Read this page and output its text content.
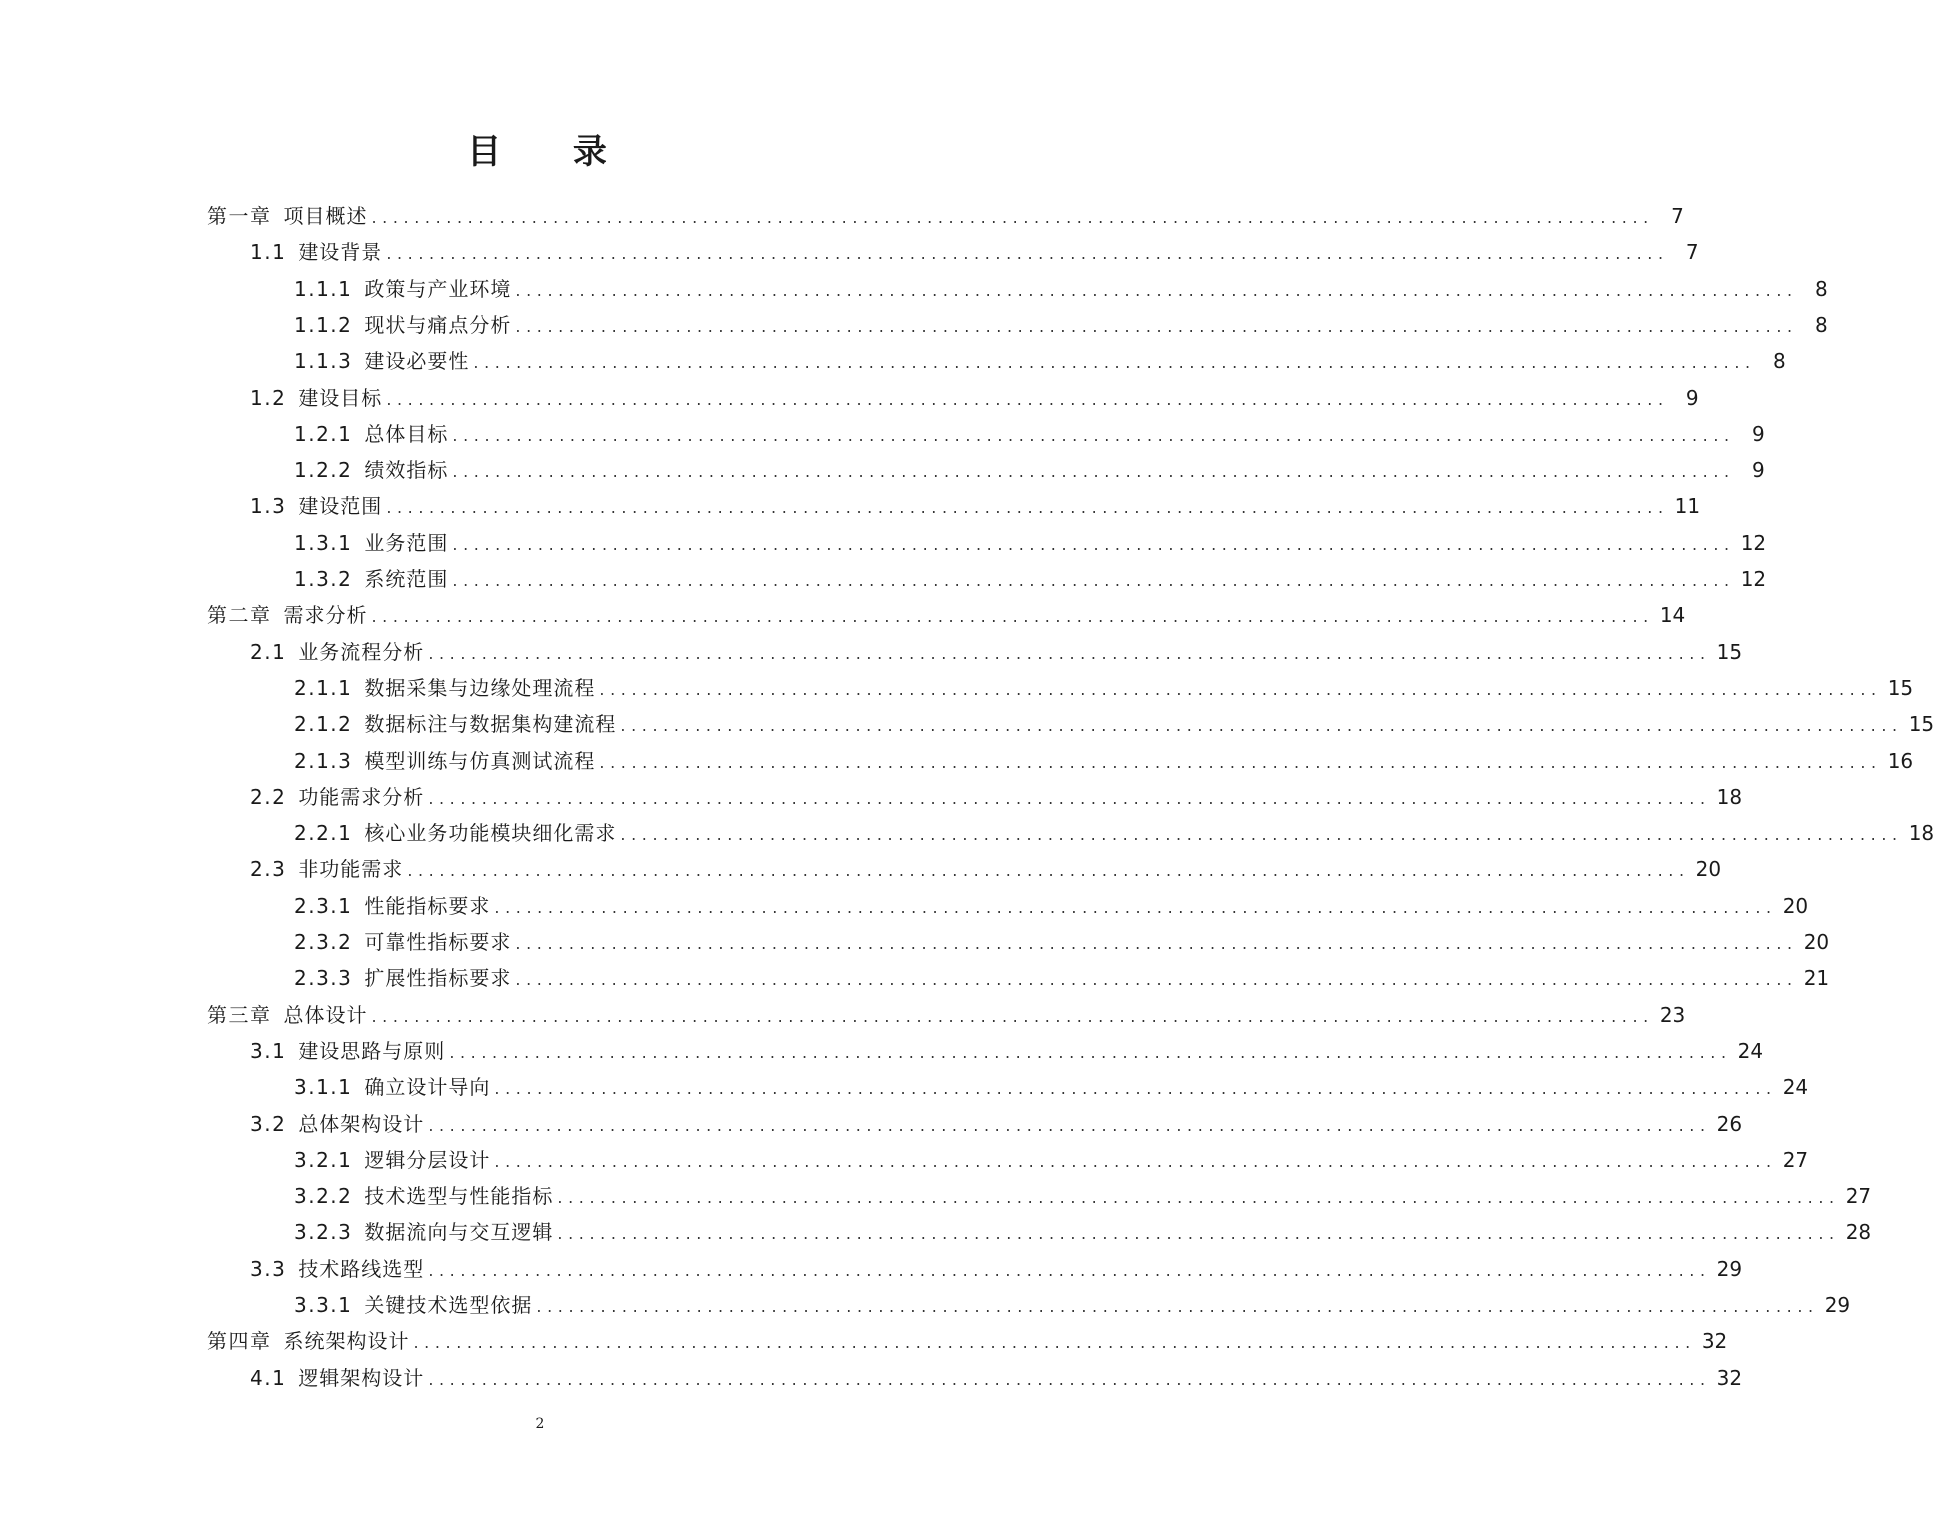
目 录
第一章 项目概述 ........................................................................................................................ 7
1.1 建设背景 ........................................................................................................................ 7
1.1.1 政策与产业环境 ........................................................................................................................ 8
1.1.2 现状与痛点分析 ........................................................................................................................ 8
1.1.3 建设必要性 ........................................................................................................................ 8
1.2 建设目标 ........................................................................................................................ 9
1.2.1 总体目标 ........................................................................................................................ 9
1.2.2 绩效指标 ........................................................................................................................ 9
1.3 建设范围 ........................................................................................................................ 11
1.3.1 业务范围 ........................................................................................................................ 12
1.3.2 系统范围 ........................................................................................................................ 12
第二章 需求分析 ........................................................................................................................ 14
2.1 业务流程分析 ........................................................................................................................ 15
2.1.1 数据采集与边缘处理流程 ........................................................................................................................ 15
2.1.2 数据标注与数据集构建流程 ........................................................................................................................ 15
2.1.3 模型训练与仿真测试流程 ........................................................................................................................ 16
2.2 功能需求分析 ........................................................................................................................ 18
2.2.1 核心业务功能模块细化需求 ........................................................................................................................ 18
2.3 非功能需求 ........................................................................................................................ 20
2.3.1 性能指标要求 ........................................................................................................................ 20
2.3.2 可靠性指标要求 ........................................................................................................................ 20
2.3.3 扩展性指标要求 ........................................................................................................................ 21
第三章 总体设计 ........................................................................................................................ 23
3.1 建设思路与原则 ........................................................................................................................ 24
3.1.1 确立设计导向 ........................................................................................................................ 24
3.2 总体架构设计 ........................................................................................................................ 26
3.2.1 逻辑分层设计 ........................................................................................................................ 27
3.2.2 技术选型与性能指标 ........................................................................................................................ 27
3.2.3 数据流向与交互逻辑 ........................................................................................................................ 28
3.3 技术路线选型 ........................................................................................................................ 29
3.3.1 关键技术选型依据 ........................................................................................................................ 29
第四章 系统架构设计 ........................................................................................................................ 32
4.1 逻辑架构设计 ........................................................................................................................ 32
2
